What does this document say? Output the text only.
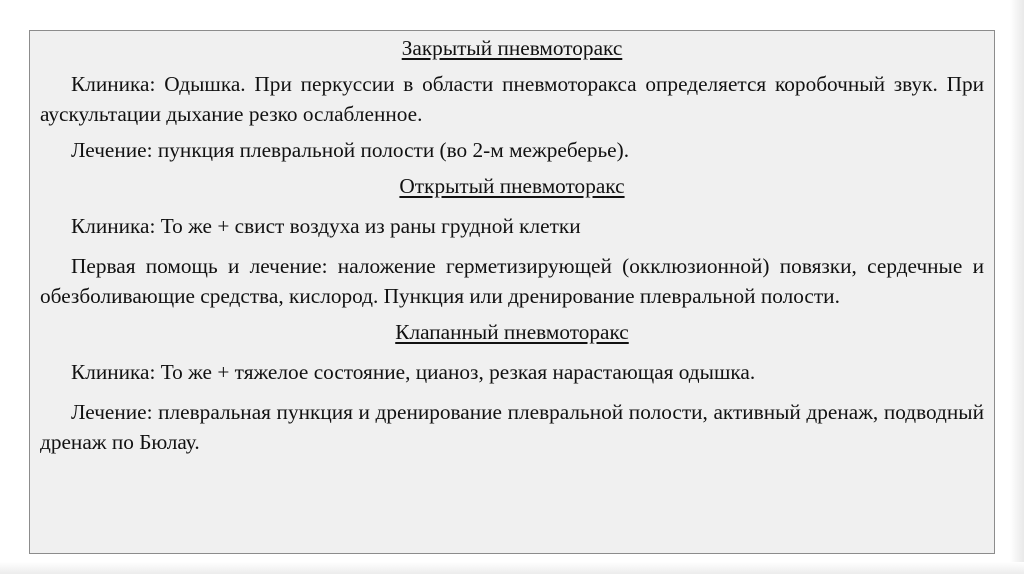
Закрытый пневмоторакс

Клиника: Одышка. При перкуссии в области пневмоторакса определяется коробочный звук. При аускультации дыхание резко ослабленное.

Лечение: пункция плевральной полости (во 2-м межреберье).

Открытый пневмоторакс

Клиника: То же + свист воздуха из раны грудной клетки

Первая помощь и лечение: наложение герметизирующей (окклюзионной) повязки, сердечные и обезболивающие средства, кислород. Пункция или дренирование плевральной полости.

Клапанный пневмоторакс

Клиника: То же + тяжелое состояние, цианоз, резкая нарастающая одышка.

Лечение: плевральная пункция и дренирование плевральной полости, активный дренаж, подводный дренаж по Бюлау.
